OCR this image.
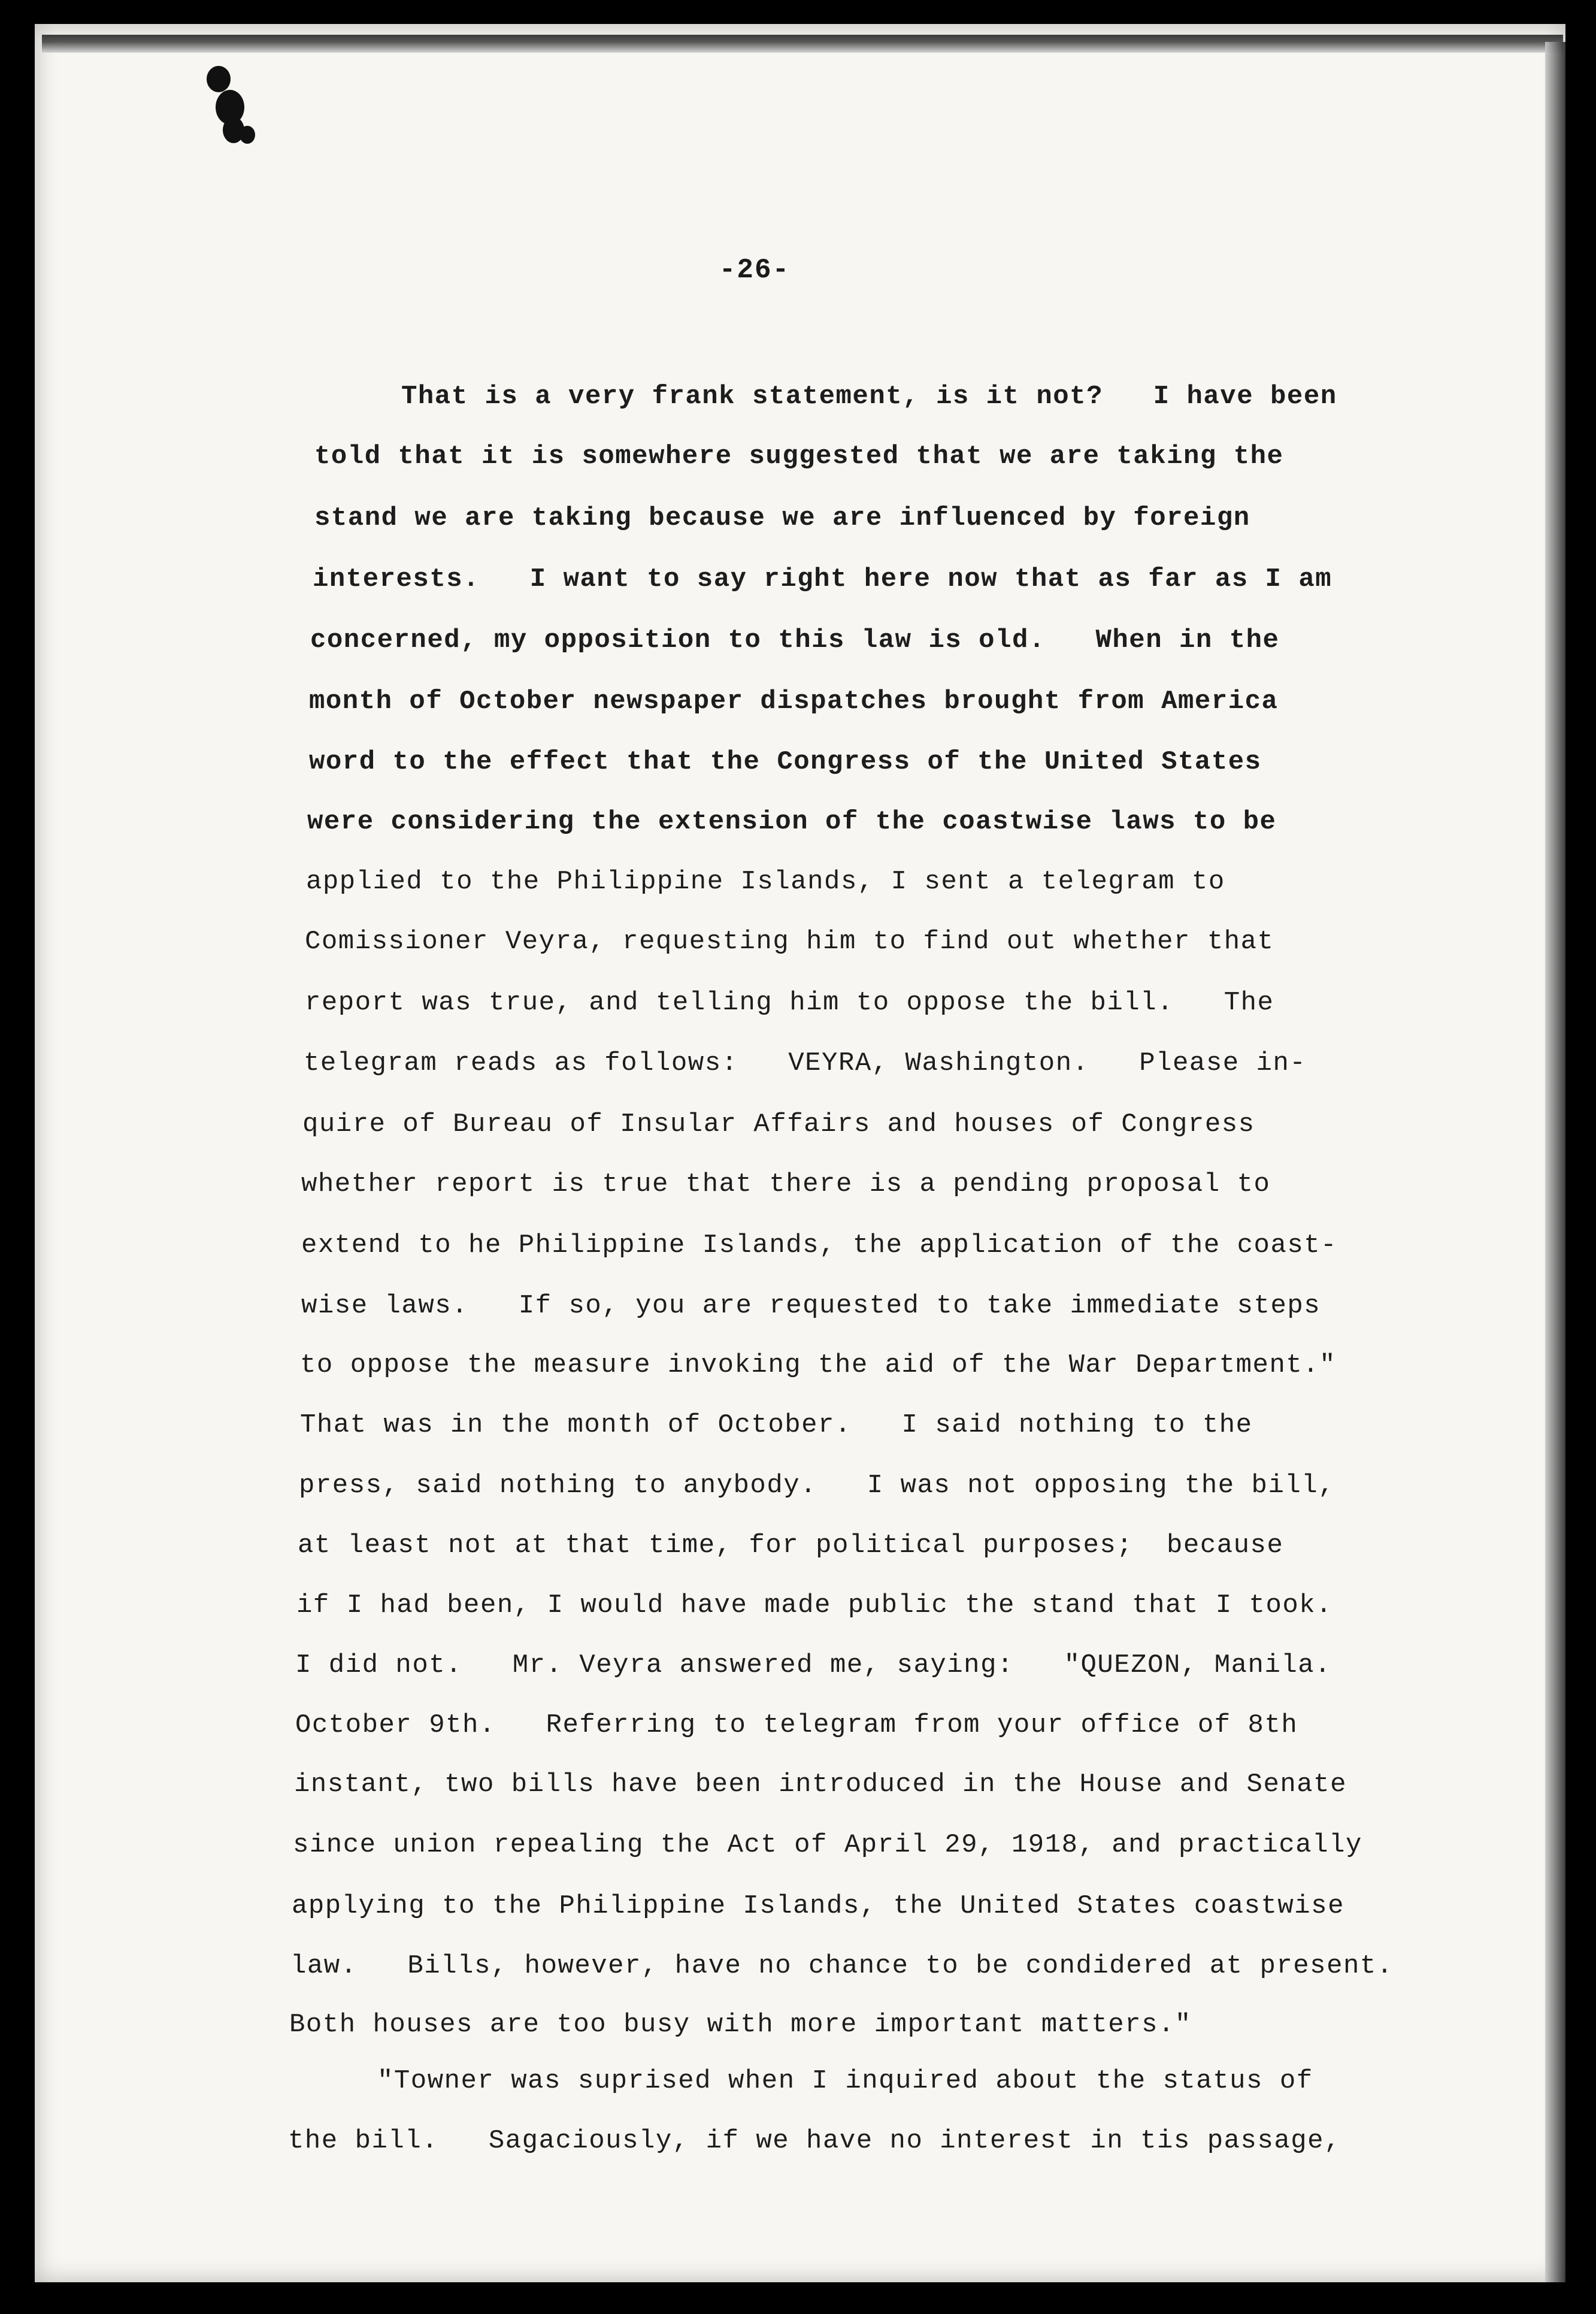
-26-
That is a very frank statement, is it not?   I have been
told that it is somewhere suggested that we are taking the
stand we are taking because we are influenced by foreign
interests.   I want to say right here now that as far as I am
concerned, my opposition to this law is old.   When in the
month of October newspaper dispatches brought from America
word to the effect that the Congress of the United States
were considering the extension of the coastwise laws to be
applied to the Philippine Islands, I sent a telegram to
Comissioner Veyra, requesting him to find out whether that
report was true, and telling him to oppose the bill.   The
telegram reads as follows:   VEYRA, Washington.   Please in-
quire of Bureau of Insular Affairs and houses of Congress
whether report is true that there is a pending proposal to
extend to he Philippine Islands, the application of the coast-
wise laws.   If so, you are requested to take immediate steps
to oppose the measure invoking the aid of the War Department."
That was in the month of October.   I said nothing to the
press, said nothing to anybody.   I was not opposing the bill,
at least not at that time, for political purposes;  because
if I had been, I would have made public the stand that I took.
I did not.   Mr. Veyra answered me, saying:   "QUEZON, Manila.
October 9th.   Referring to telegram from your office of 8th
instant, two bills have been introduced in the House and Senate
since union repealing the Act of April 29, 1918, and practically
applying to the Philippine Islands, the United States coastwise
law.   Bills, however, have no chance to be condidered at present.
Both houses are too busy with more important matters."
"Towner was suprised when I inquired about the status of
the bill.   Sagaciously, if we have no interest in tis passage,
